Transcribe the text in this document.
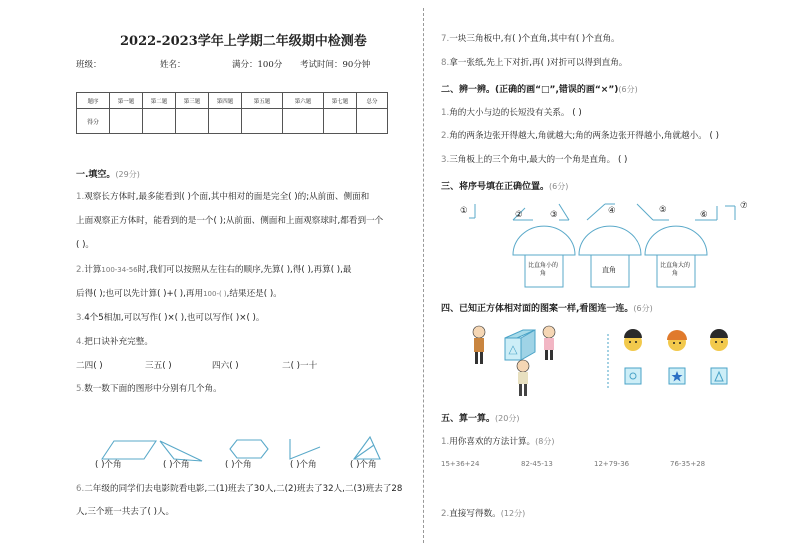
2022-2023学年上学期二年级期中检测卷
班级：	姓名：	满分：100分 考试时间：90分钟
题序	第一题	第二题	第三题	第四题	第五题	第六题	第七题	总分
得分								
一.填空。(29分)
1.观察长方体时,最多能看到( )个面,其中相对的面是完全( )的;从前面、侧面和
上面观察正方体时，能看到的是一个( );从前面、侧面和上面观察球时,都看到一个
( )。
2.计算100-34-56时,我们可以按照从左往右的顺序,先算( ),得( ),再算( ),最
后得( );也可以先计算( )+( ),再用100-( ),结果还是( )。
3.4个5相加,可以写作( )×( ),也可以写作( )×( )。
4.把口诀补充完整。
二四( )	三五( )	四六( )	二( )一十
5.数一数下面的图形中分别有几个角。
( )个角	( )个角	( )个角	( )个角	( )个角
6.二年级的同学们去电影院看电影,二(1)班去了30人,二(2)班去了32人,二(3)班去了28
人,三个班一共去了( )人。
7.一块三角板中,有( )个直角,其中有( )个直角。
8.拿一张纸,先上下对折,再( )对折可以得到直角。
二、辨一辨。(正确的画“□”,错误的画“×”)(6分)
1.角的大小与边的长短没有关系。 ( )
2.角的两条边张开得越大,角就越大;角的两条边张开得越小,角就越小。 ( )
3.三角板上的三个角中,最大的一个角是直角。 ( )
三、将序号填在正确位置。(6分)
①	②	③	④	⑤	⑥
⑦
比直角小的角	直角
比直角大的角
四、已知正方体相对面的图案一样,看图连一连。(6分)
五、算一算。(20分)
1.用你喜欢的方法计算。(8分)
15+36+24	82-45-13	12+79-36	76-35+28
2.直接写得数。(12分)
